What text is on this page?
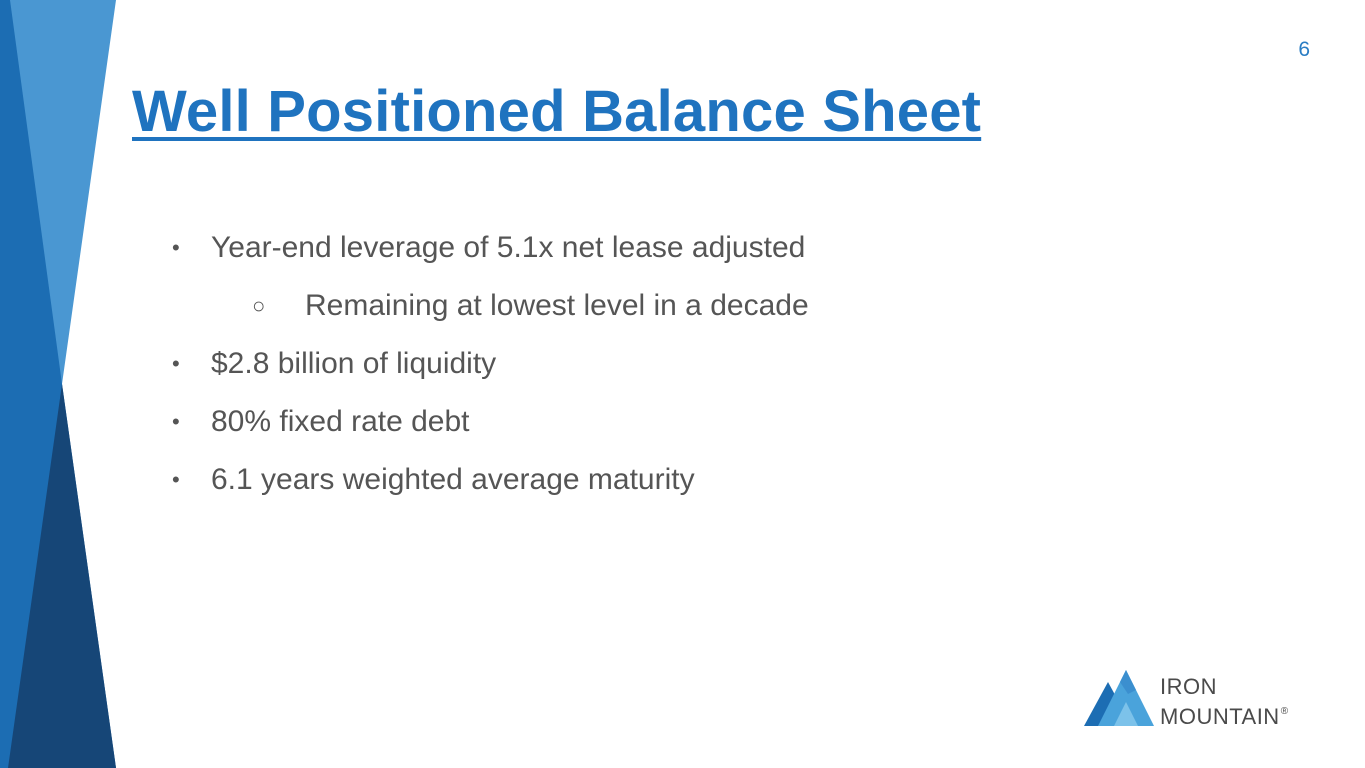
6
Well Positioned Balance Sheet
•	Year-end leverage of 5.1x net lease adjusted
○ Remaining at lowest level in a decade
•	$2.8 billion of liquidity
•	80% fixed rate debt
•	6.1 years weighted average maturity
IRON
MOUNTAIN®
